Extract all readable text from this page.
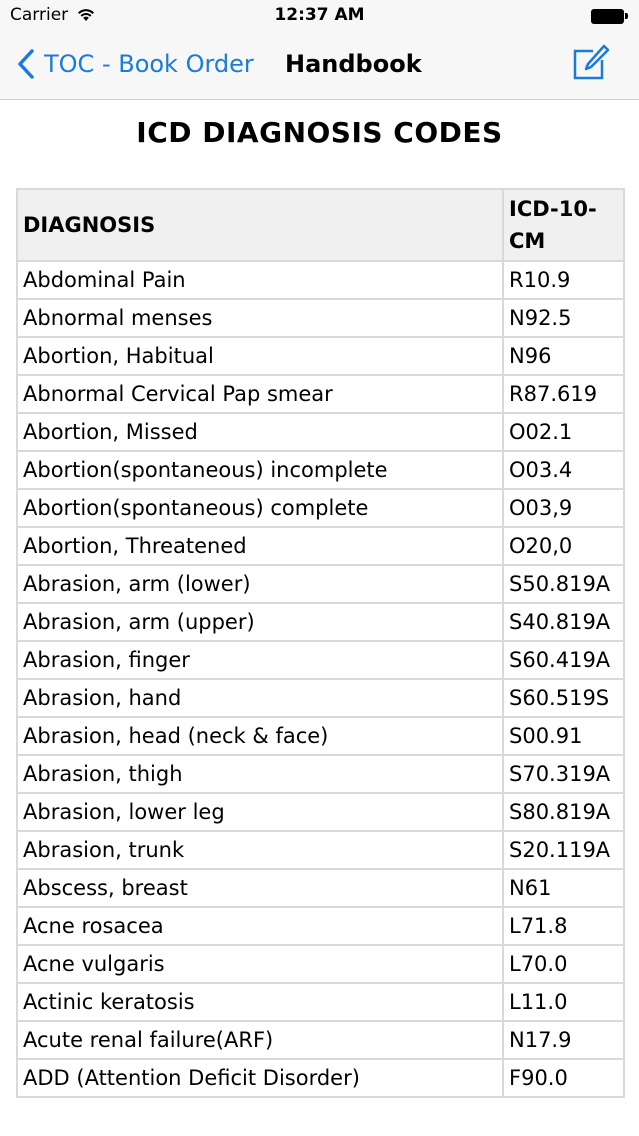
Carrier	12:37 AM
TOC - Book Order Handbook
ICD DIAGNOSIS CODES
DIAGNOSIS	ICD-10-CM
Abdominal Pain	R10.9
Abnormal menses	N92.5
Abortion, Habitual	N96
Abnormal Cervical Pap smear	R87.619
Abortion, Missed	O02.1
Abortion(spontaneous) incomplete	O03.4
Abortion(spontaneous) complete	O03,9
Abortion, Threatened	O20,0
Abrasion, arm (lower)	S50.819A
Abrasion, arm (upper)	S40.819A
Abrasion, finger	S60.419A
Abrasion, hand	S60.519S
Abrasion, head (neck & face)	S00.91
Abrasion, thigh	S70.319A
Abrasion, lower leg	S80.819A
Abrasion, trunk	S20.119A
Abscess, breast	N61
Acne rosacea	L71.8
Acne vulgaris	L70.0
Actinic keratosis	L11.0
Acute renal failure(ARF)	N17.9
ADD (Attention Deficit Disorder)	F90.0
